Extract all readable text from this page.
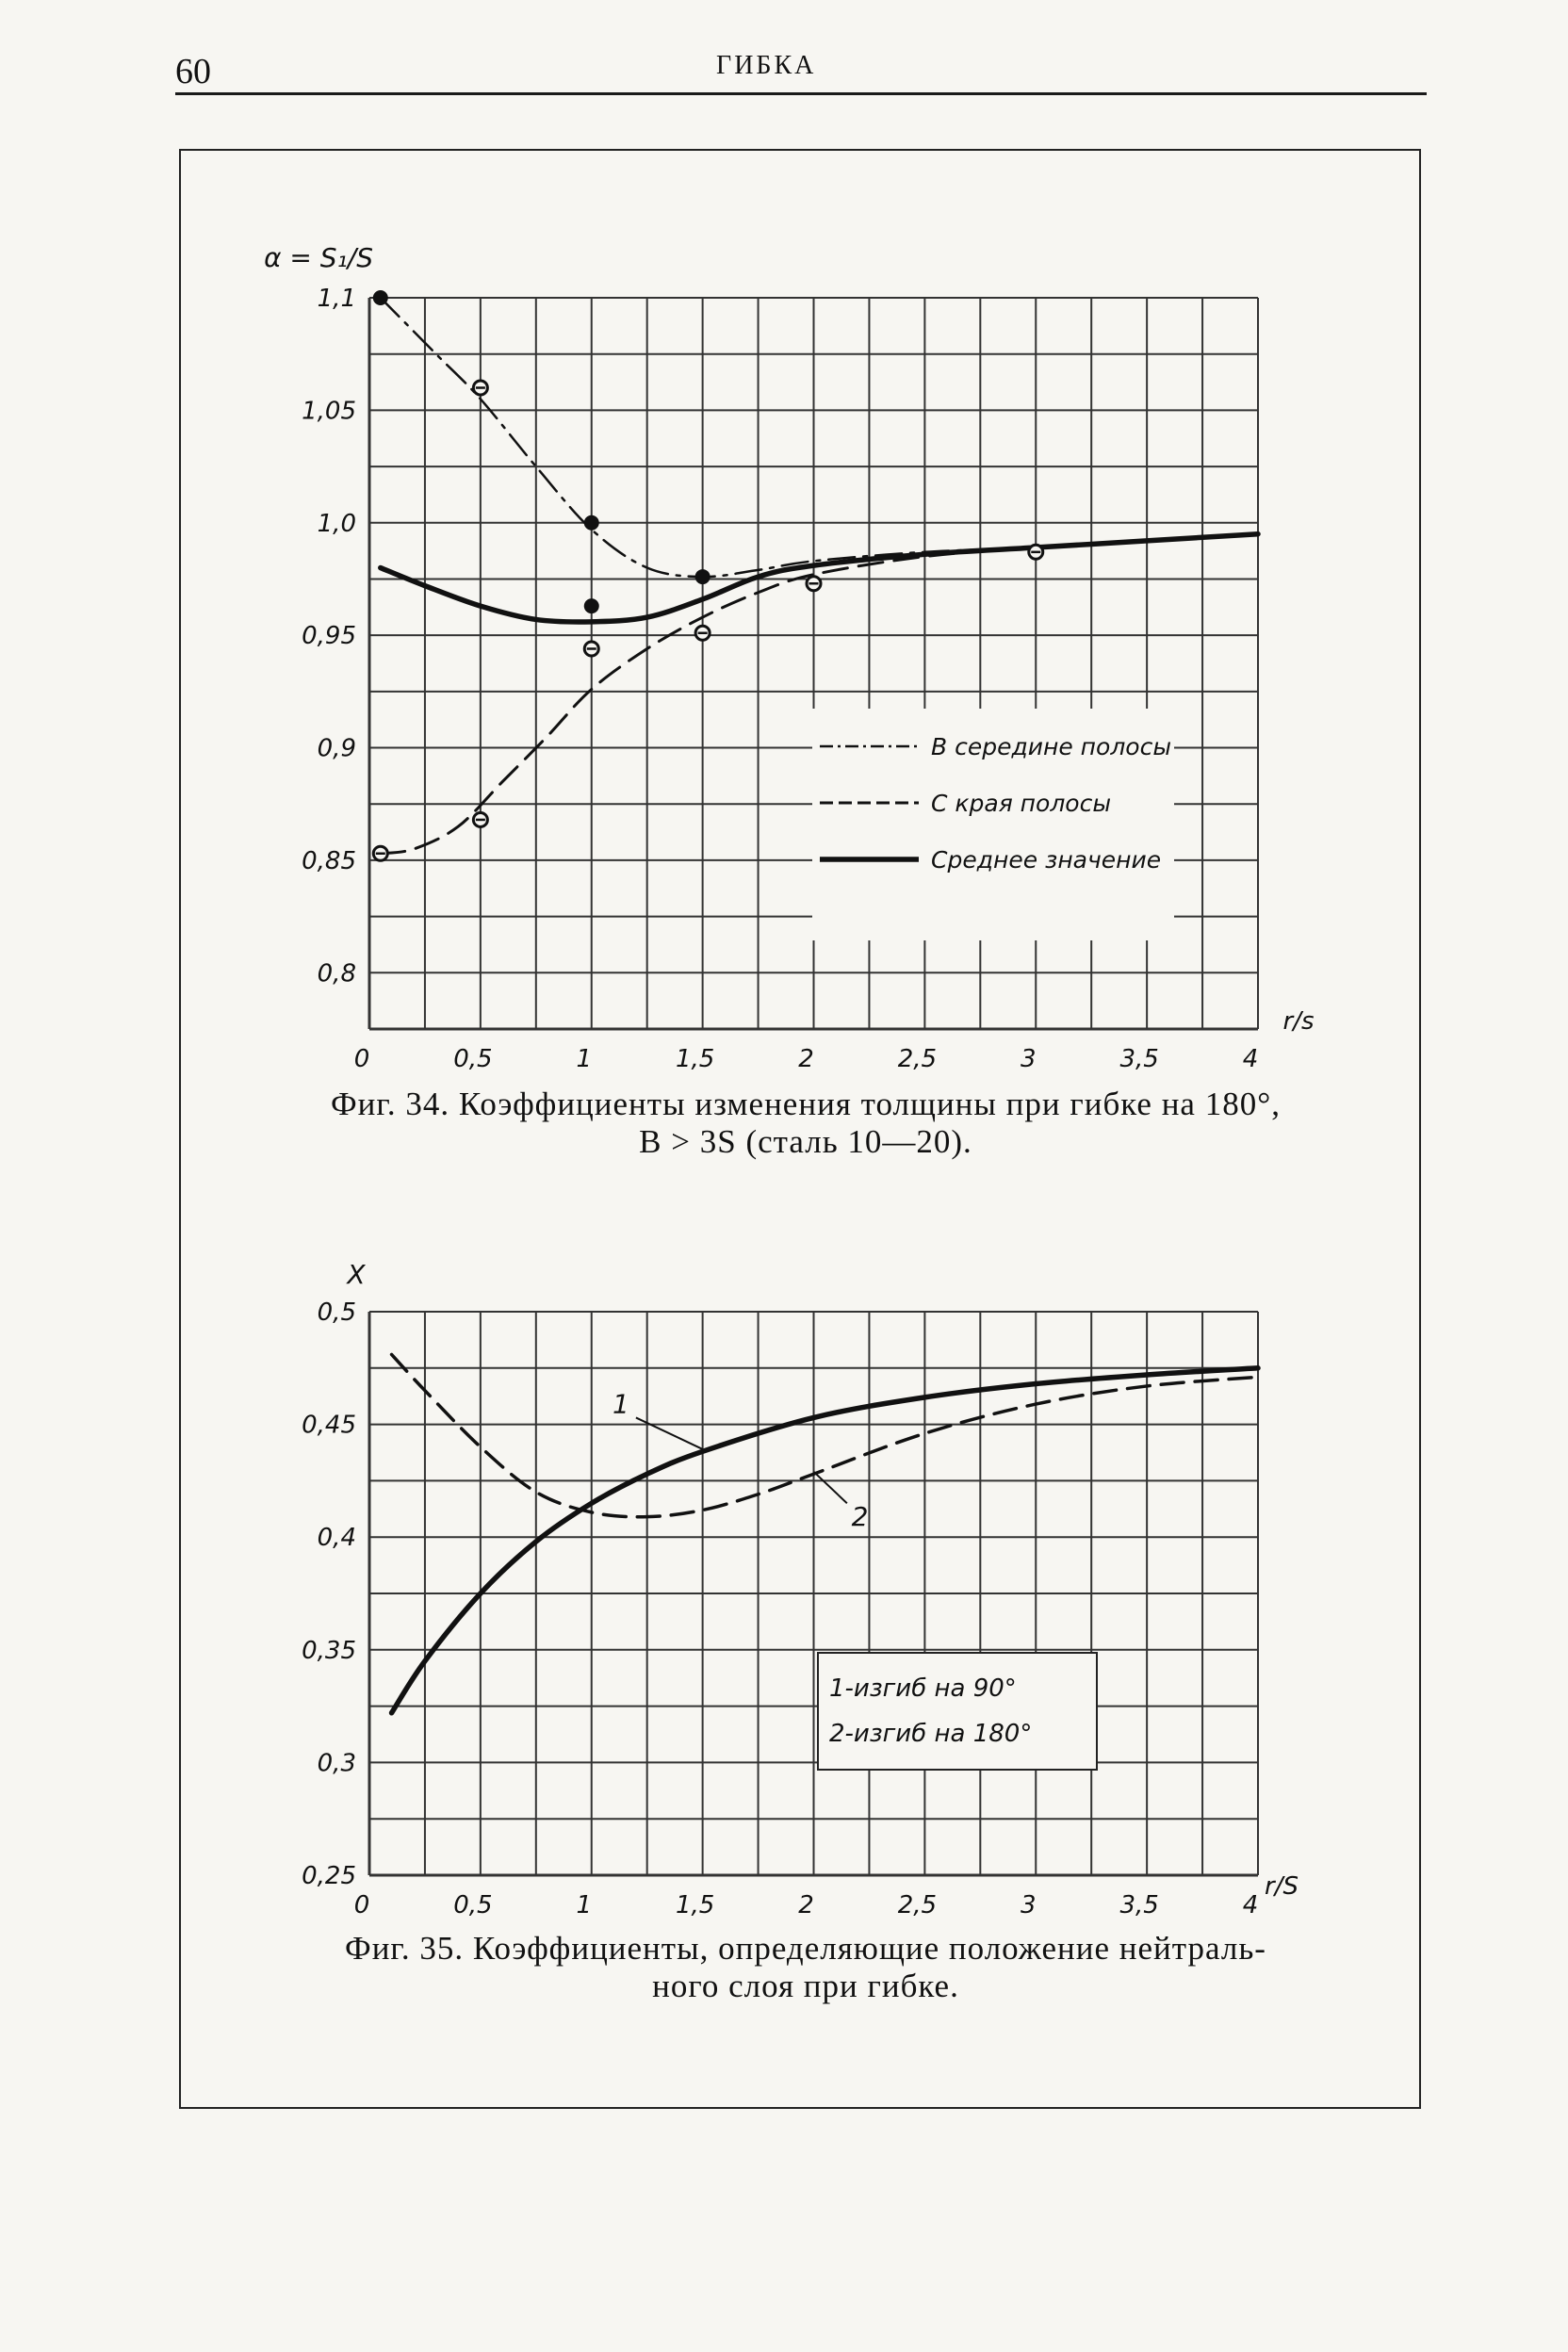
60	ГИБКА
0	0,5	1	1,5	2	2,5	3	3,5	4
1,1
1,05
1,0
0,95
0,9
0,85
0,8
α = S₁/S
r/s
В середине полосы
С края полосы
Среднее значение
Фиг. 34. Коэффициенты изменения толщины при гибке на 180°,
B > 3S (сталь 10—20).
0	0,5	1	1,5	2	2,5	3	3,5	4
0,5
0,45
0,4
0,35
0,3
0,25
X
r/S
1-изгиб на 90°
2-изгиб на 180°
1
2
Фиг. 35. Коэффициенты, определяющие положение нейтраль-
ного слоя при гибке.
